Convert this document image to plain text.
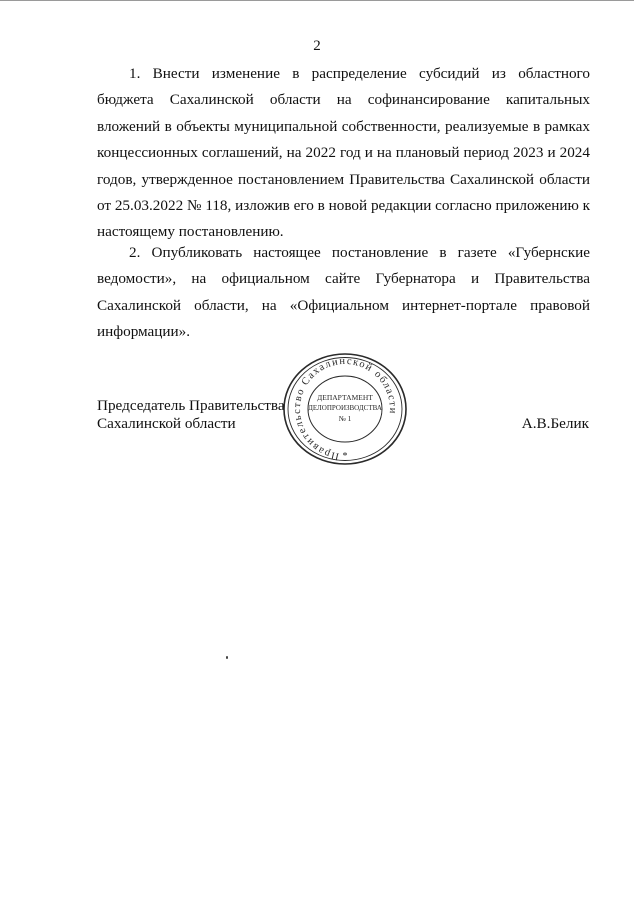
2

1. Внести изменение в распределение субсидий из областного бюджета Сахалинской области на софинансирование капитальных вложений в объекты муниципальной собственности, реализуемые в рамках концессионных соглашений, на 2022 год и на плановый период 2023 и 2024 годов, утвержденное постановлением Правительства Сахалинской области от 25.03.2022 № 118, изложив его в новой редакции согласно приложению к настоящему постановлению.

2. Опубликовать настоящее постановление в газете «Губернские ведомости», на официальном сайте Губернатора и Правительства Сахалинской области, на «Официальном интернет-портале правовой информации».

Председатель Правительства
Сахалинской области	А.В.Белик
Правительство Сахалинской области
ДЕПАРТАМЕНТ
ДЕЛОПРОИЗВОДСТВА
№ 1
*
